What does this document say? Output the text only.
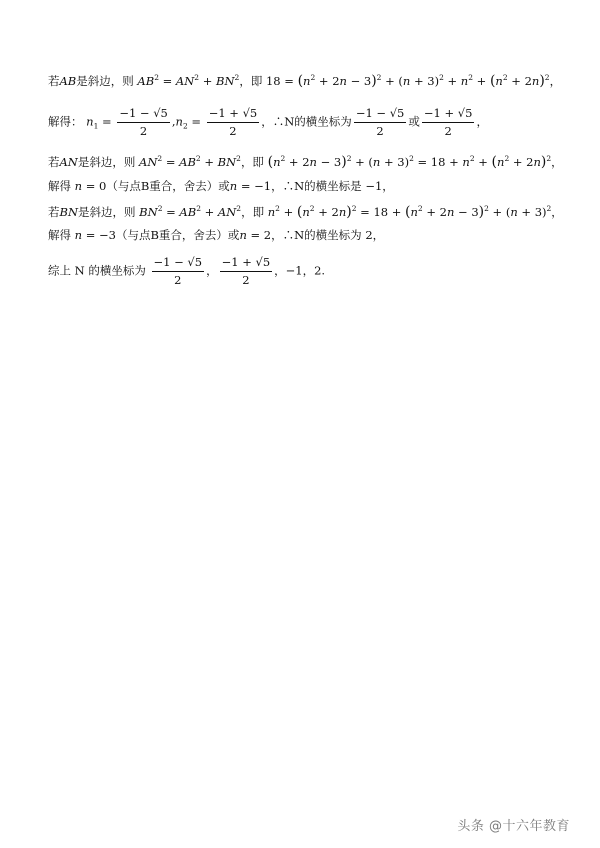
若AB是斜边，则 $AB^2 = AN^2 + BN^2$，即 $18 = (n^2 + 2n - 3)^2 + (n + 3)^2 + n^2 + (n^2 + 2n)^2$，
解得： $n_1 = \frac{-1 - √5}{2} ,n_2 = \frac{-1 + √5}{2}$ ，∴N的横坐标为 $\frac{-1 - √5}{2}$ 或 $\frac{-1 + √5}{2}$ ，
若AN是斜边，则 $AN^2 = AB^2 + BN^2$，即 $(n^2 + 2n - 3)^2 + (n + 3)^2 = 18 + n^2 + (n^2 + 2n)^2$，
解得 n = 0（与点B重合，舍去）或n = −1，∴N的横坐标是 −1，
若BN是斜边，则 $BN^2 = AB^2 + AN^2$，即 $n^2 + (n^2 + 2n)^2 = 18 + (n^2 + 2n - 3)^2 + (n + 3)^2$，
解得 n = −3（与点B重合，舍去）或n = 2，∴N的横坐标为 2，
综上 N 的横坐标为 $\frac{-1 - √5}{2}$ ， $\frac{-1 + √5}{2}$ ，−1，2.
头条 @十六年教育
